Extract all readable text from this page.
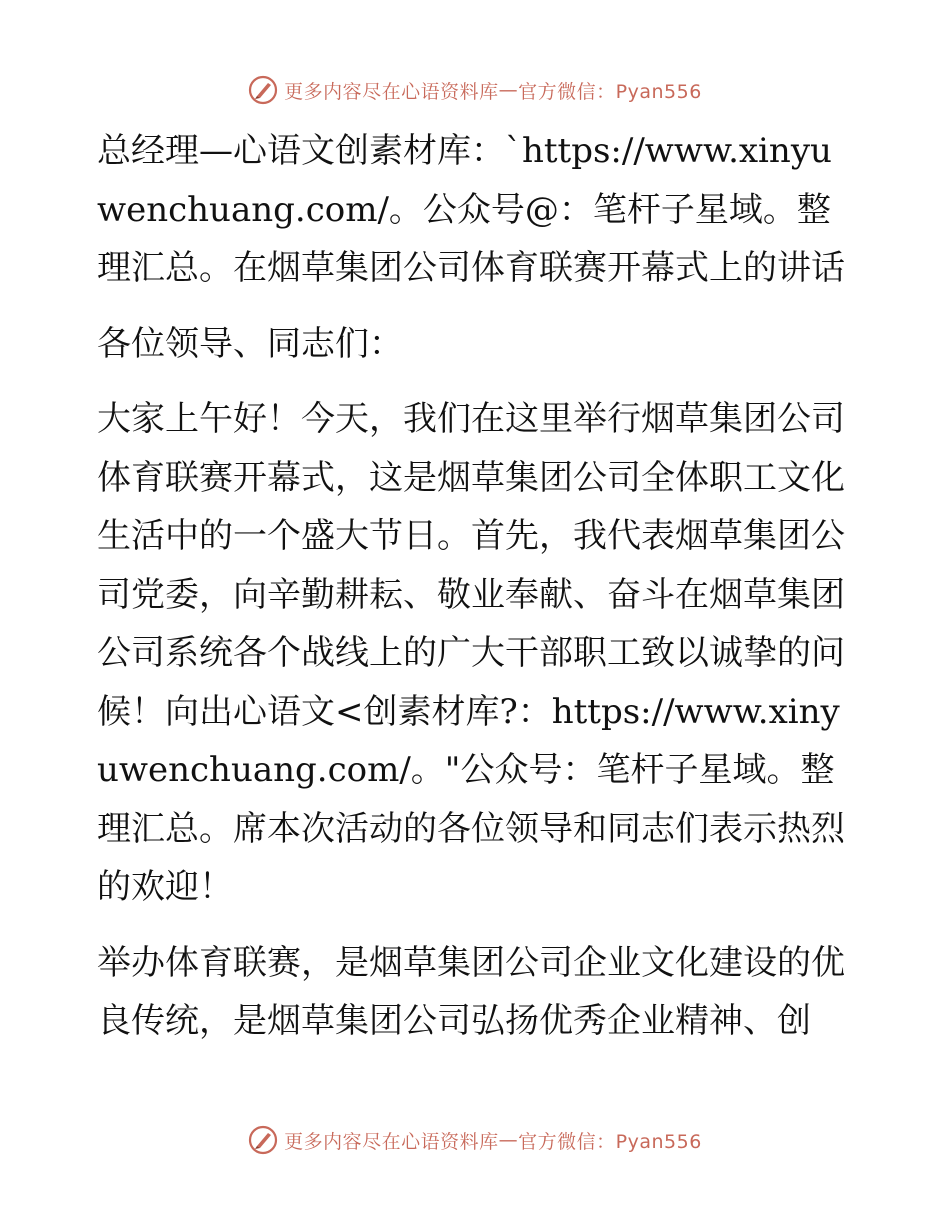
更多内容尽在心语资料库 — 官方微信：Pyan556

总经理—心语文创素材库：`https://www.xinyuwenchuang.com/。公众号@：笔杆子星域。整理汇总。在烟草集团公司体育联赛开幕式上的讲话

各位领导、同志们：

大家上午好！今天，我们在这里举行烟草集团公司体育联赛开幕式，这是烟草集团公司全体职工文化生活中的一个盛大节日。首先，我代表烟草集团公司党委，向辛勤耕耘、敬业奉献、奋斗在烟草集团公司系统各个战线上的广大干部职工致以诚挚的问候！向出心语文<创素材库?：https://www.xinyuwenchuang.com/。"公众号：笔杆子星域。整理汇总。席本次活动的各位领导和同志们表示热烈的欢迎！

举办体育联赛，是烟草集团公司企业文化建设的优良传统，是烟草集团公司弘扬优秀企业精神、创

更多内容尽在心语资料库 — 官方微信：Pyan556
